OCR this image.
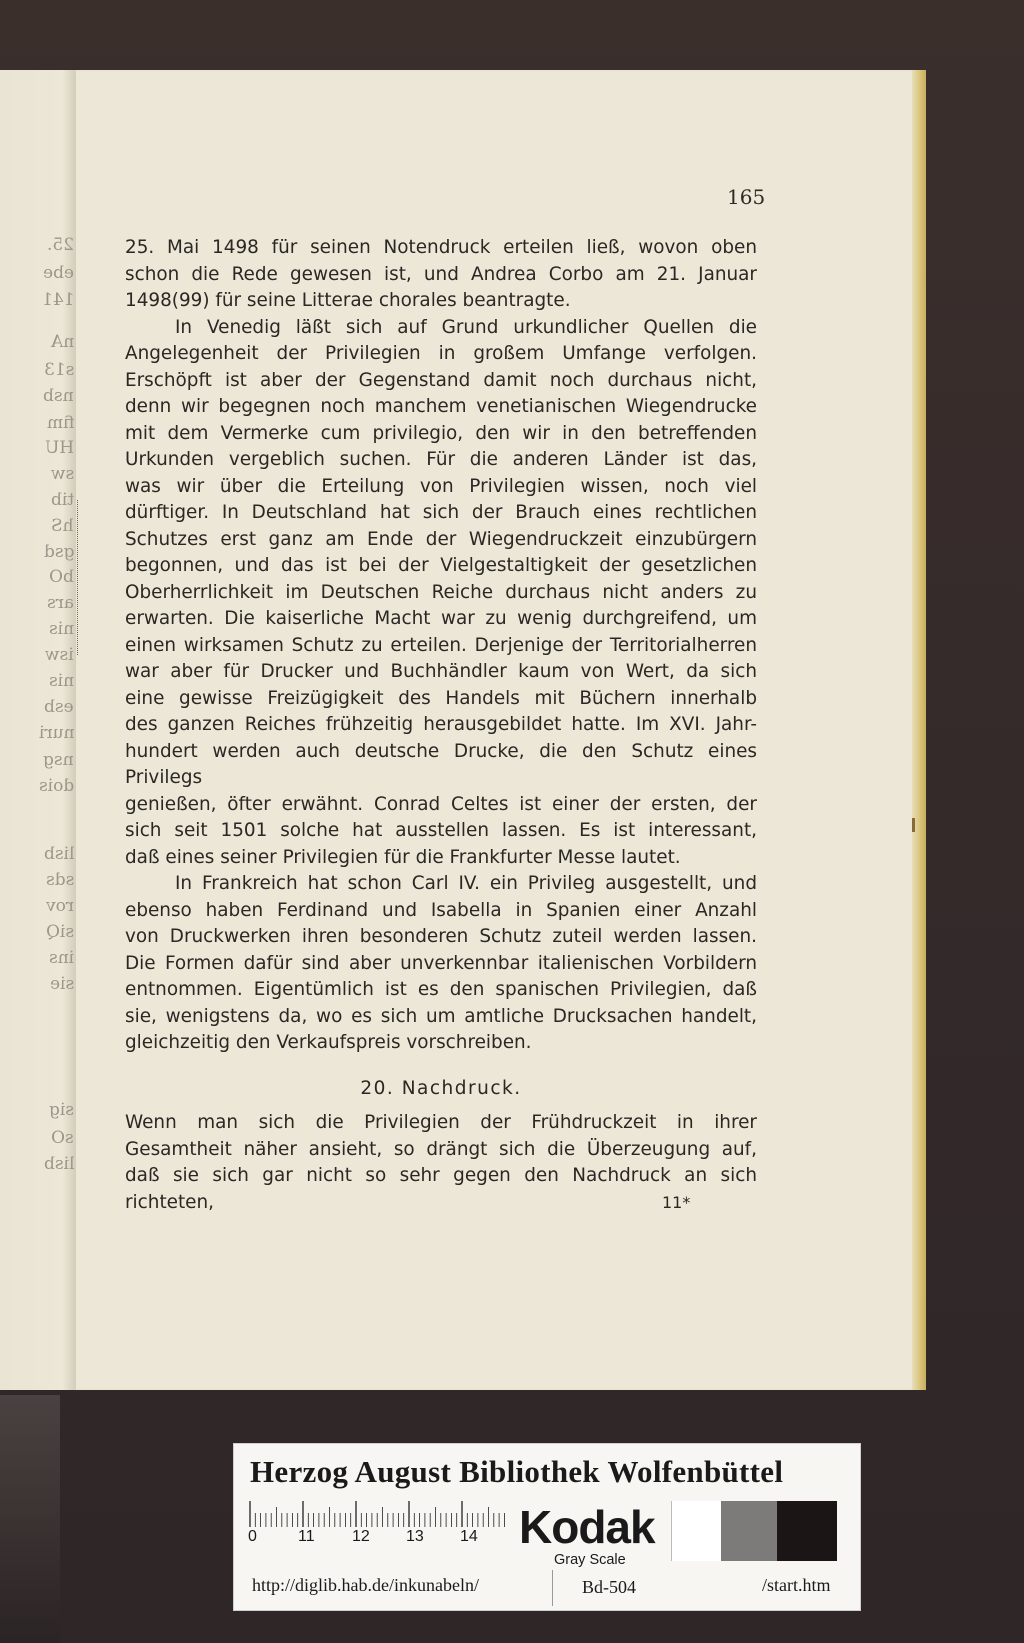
25.
ebe
141
nA
s13
nsb
fim
HU
sw
tib
hS
gsd
bO
ars
nis
isw
nis
esb
nuri
nsg
dois
lisb
sds
rov
siQ
ins
sie
sig
sO
lisb
165

25. Mai 1498 für seinen Notendruck erteilen ließ, wovon oben

schon die Rede gewesen ist, und Andrea Corbo am 21. Januar

1498(99) für seine Litterae chorales beantragte.

In Venedig läßt sich auf Grund urkundlicher Quellen die

Angelegenheit der Privilegien in großem Umfange verfolgen.

Erschöpft ist aber der Gegenstand damit noch durchaus nicht,

denn wir begegnen noch manchem venetianischen Wiegendrucke

mit dem Vermerke cum privilegio, den wir in den betreffenden

Urkunden vergeblich suchen. Für die anderen Länder ist das,

was wir über die Erteilung von Privilegien wissen, noch viel

dürftiger. In Deutschland hat sich der Brauch eines rechtlichen

Schutzes erst ganz am Ende der Wiegendruckzeit einzubürgern

begonnen, und das ist bei der Vielgestaltigkeit der gesetzlichen

Oberherrlichkeit im Deutschen Reiche durchaus nicht anders zu

erwarten. Die kaiserliche Macht war zu wenig durchgreifend, um

einen wirksamen Schutz zu erteilen. Derjenige der Territorialherren

war aber für Drucker und Buchhändler kaum von Wert, da sich

eine gewisse Freizügigkeit des Handels mit Büchern innerhalb

des ganzen Reiches frühzeitig herausgebildet hatte. Im XVI. Jahr-

hundert werden auch deutsche Drucke, die den Schutz eines Privilegs

genießen, öfter erwähnt. Conrad Celtes ist einer der ersten, der

sich seit 1501 solche hat ausstellen lassen. Es ist interessant,

daß eines seiner Privilegien für die Frankfurter Messe lautet.

In Frankreich hat schon Carl IV. ein Privileg ausgestellt, und

ebenso haben Ferdinand und Isabella in Spanien einer Anzahl

von Druckwerken ihren besonderen Schutz zuteil werden lassen.

Die Formen dafür sind aber unverkennbar italienischen Vorbildern

entnommen. Eigentümlich ist es den spanischen Privilegien, daß

sie, wenigstens da, wo es sich um amtliche Drucksachen handelt,

gleichzeitig den Verkaufspreis vorschreiben.

20. Nachdruck.

Wenn man sich die Privilegien der Frühdruckzeit in ihrer

Gesamtheit näher ansieht, so drängt sich die Überzeugung auf,

daß sie sich gar nicht so sehr gegen den Nachdruck an sich richteten,	11*
Herzog August Bibliothek Wolfenbüttel
0	11 12 13 14 Kodak
Gray Scale
http://diglib.hab.de/inkunabeln/	Bd-504	/start.htm
